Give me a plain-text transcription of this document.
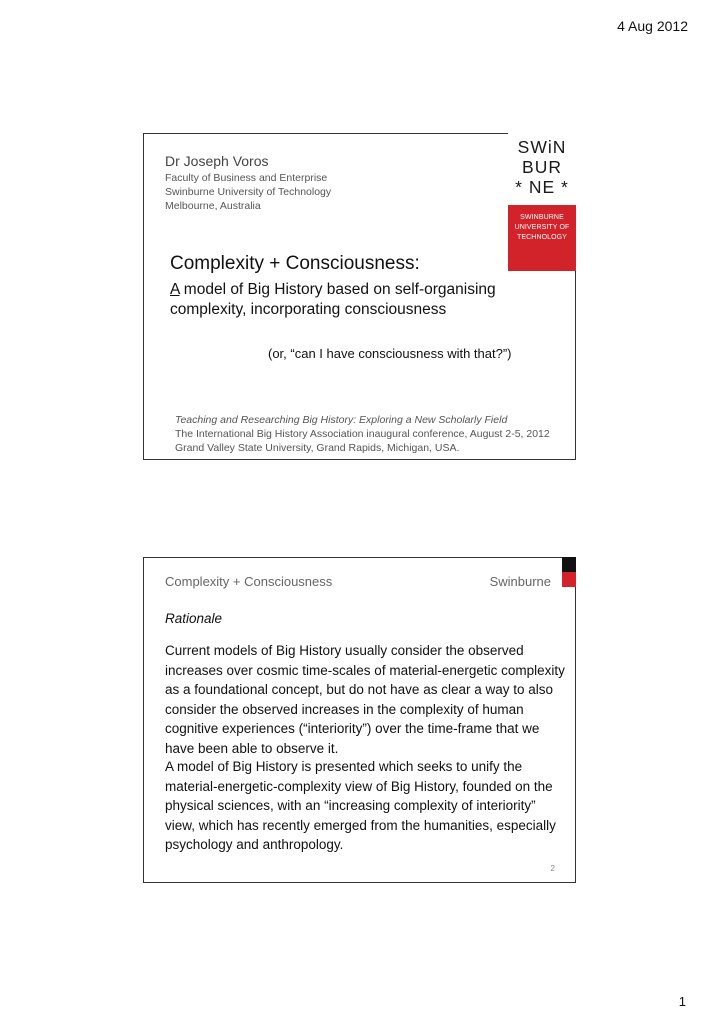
4 Aug 2012
Dr Joseph Voros
Faculty of Business and Enterprise
Swinburne University of Technology
Melbourne, Australia
SWiN
BUR
* NE *
SWINBURNE
UNIVERSITY OF
TECHNOLOGY
Complexity + Consciousness:
A model of Big History based on self-organising complexity, incorporating consciousness
(or, “can I have consciousness with that?”)
Teaching and Researching Big History: Exploring a New Scholarly Field
The International Big History Association inaugural conference, August 2-5, 2012
Grand Valley State University, Grand Rapids, Michigan, USA.
Complexity + Consciousness	Swinburne
Rationale
Current models of Big History usually consider the observed increases over cosmic time-scales of material-energetic complexity as a foundational concept, but do not have as clear a way to also consider the observed increases in the complexity of human cognitive experiences (“interiority”) over the time-frame that we have been able to observe it.
A model of Big History is presented which seeks to unify the material-energetic-complexity view of Big History, founded on the physical sciences, with an “increasing complexity of interiority” view, which has recently emerged from the humanities, especially psychology and anthropology.
2
1
